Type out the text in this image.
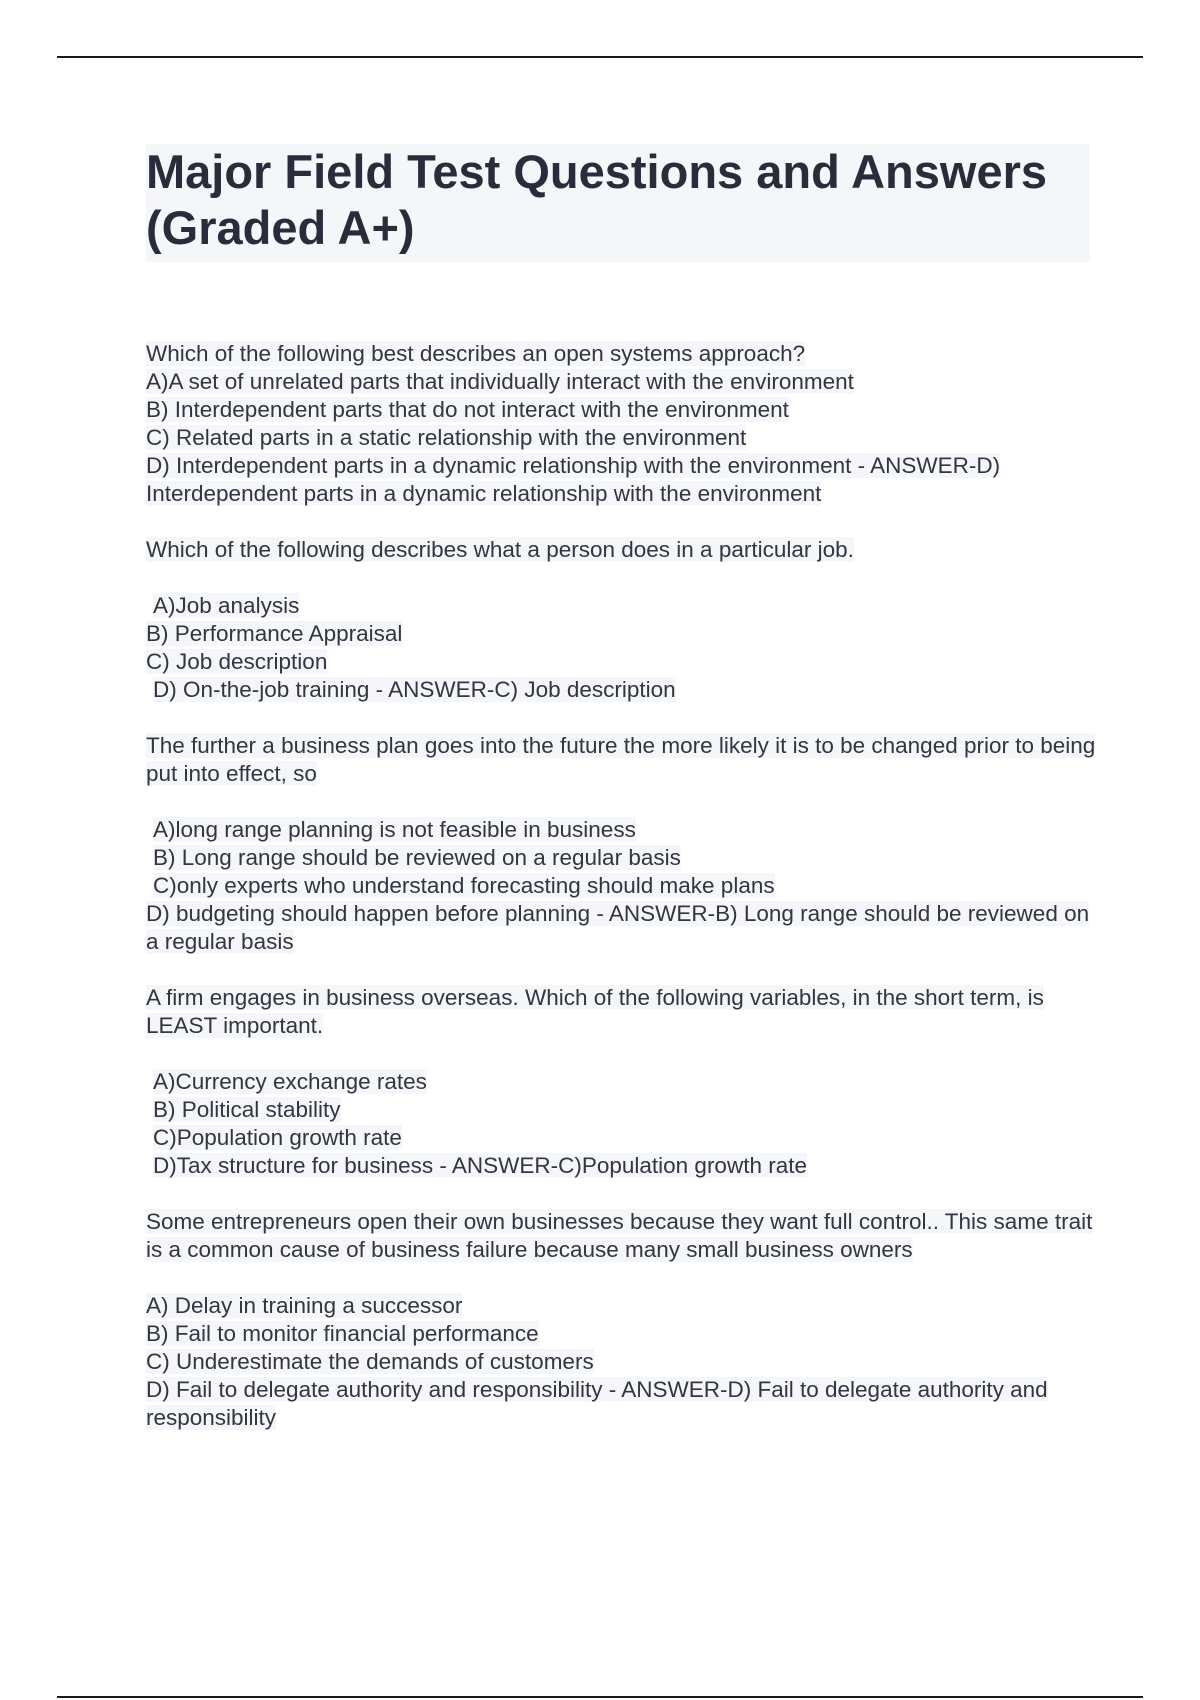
Major Field Test Questions and Answers (Graded A+)

Which of the following best describes an open systems approach?

A)A set of unrelated parts that individually interact with the environment
B) Interdependent parts that do not interact with the environment
C) Related parts in a static relationship with the environment
D) Interdependent parts in a dynamic relationship with the environment - ANSWER-D) Interdependent parts in a dynamic relationship with the environment

Which of the following describes what a person does in a particular job.

A)Job analysis
B) Performance Appraisal
C) Job description
D) On-the-job training - ANSWER-C) Job description

The further a business plan goes into the future the more likely it is to be changed prior to being put into effect, so

A)long range planning is not feasible in business
B) Long range should be reviewed on a regular basis
C)only experts who understand forecasting should make plans
D) budgeting should happen before planning - ANSWER-B) Long range should be reviewed on a regular basis

A firm engages in business overseas. Which of the following variables, in the short term, is LEAST important.

A)Currency exchange rates
B) Political stability
C)Population growth rate
D)Tax structure for business - ANSWER-C)Population growth rate

Some entrepreneurs open their own businesses because they want full control.. This same trait is a common cause of business failure because many small business owners

A) Delay in training a successor
B) Fail to monitor financial performance
C) Underestimate the demands of customers
D) Fail to delegate authority and responsibility - ANSWER-D) Fail to delegate authority and responsibility
